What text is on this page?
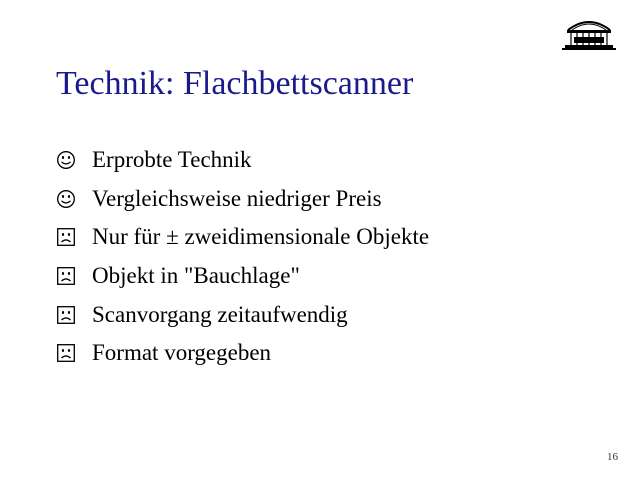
Technik: Flachbettscanner
Erprobte Technik
Vergleichsweise niedriger Preis
Nur für ± zweidimensionale Objekte
Objekt in "Bauchlage"
Scanvorgang zeitaufwendig
Format vorgegeben
16
